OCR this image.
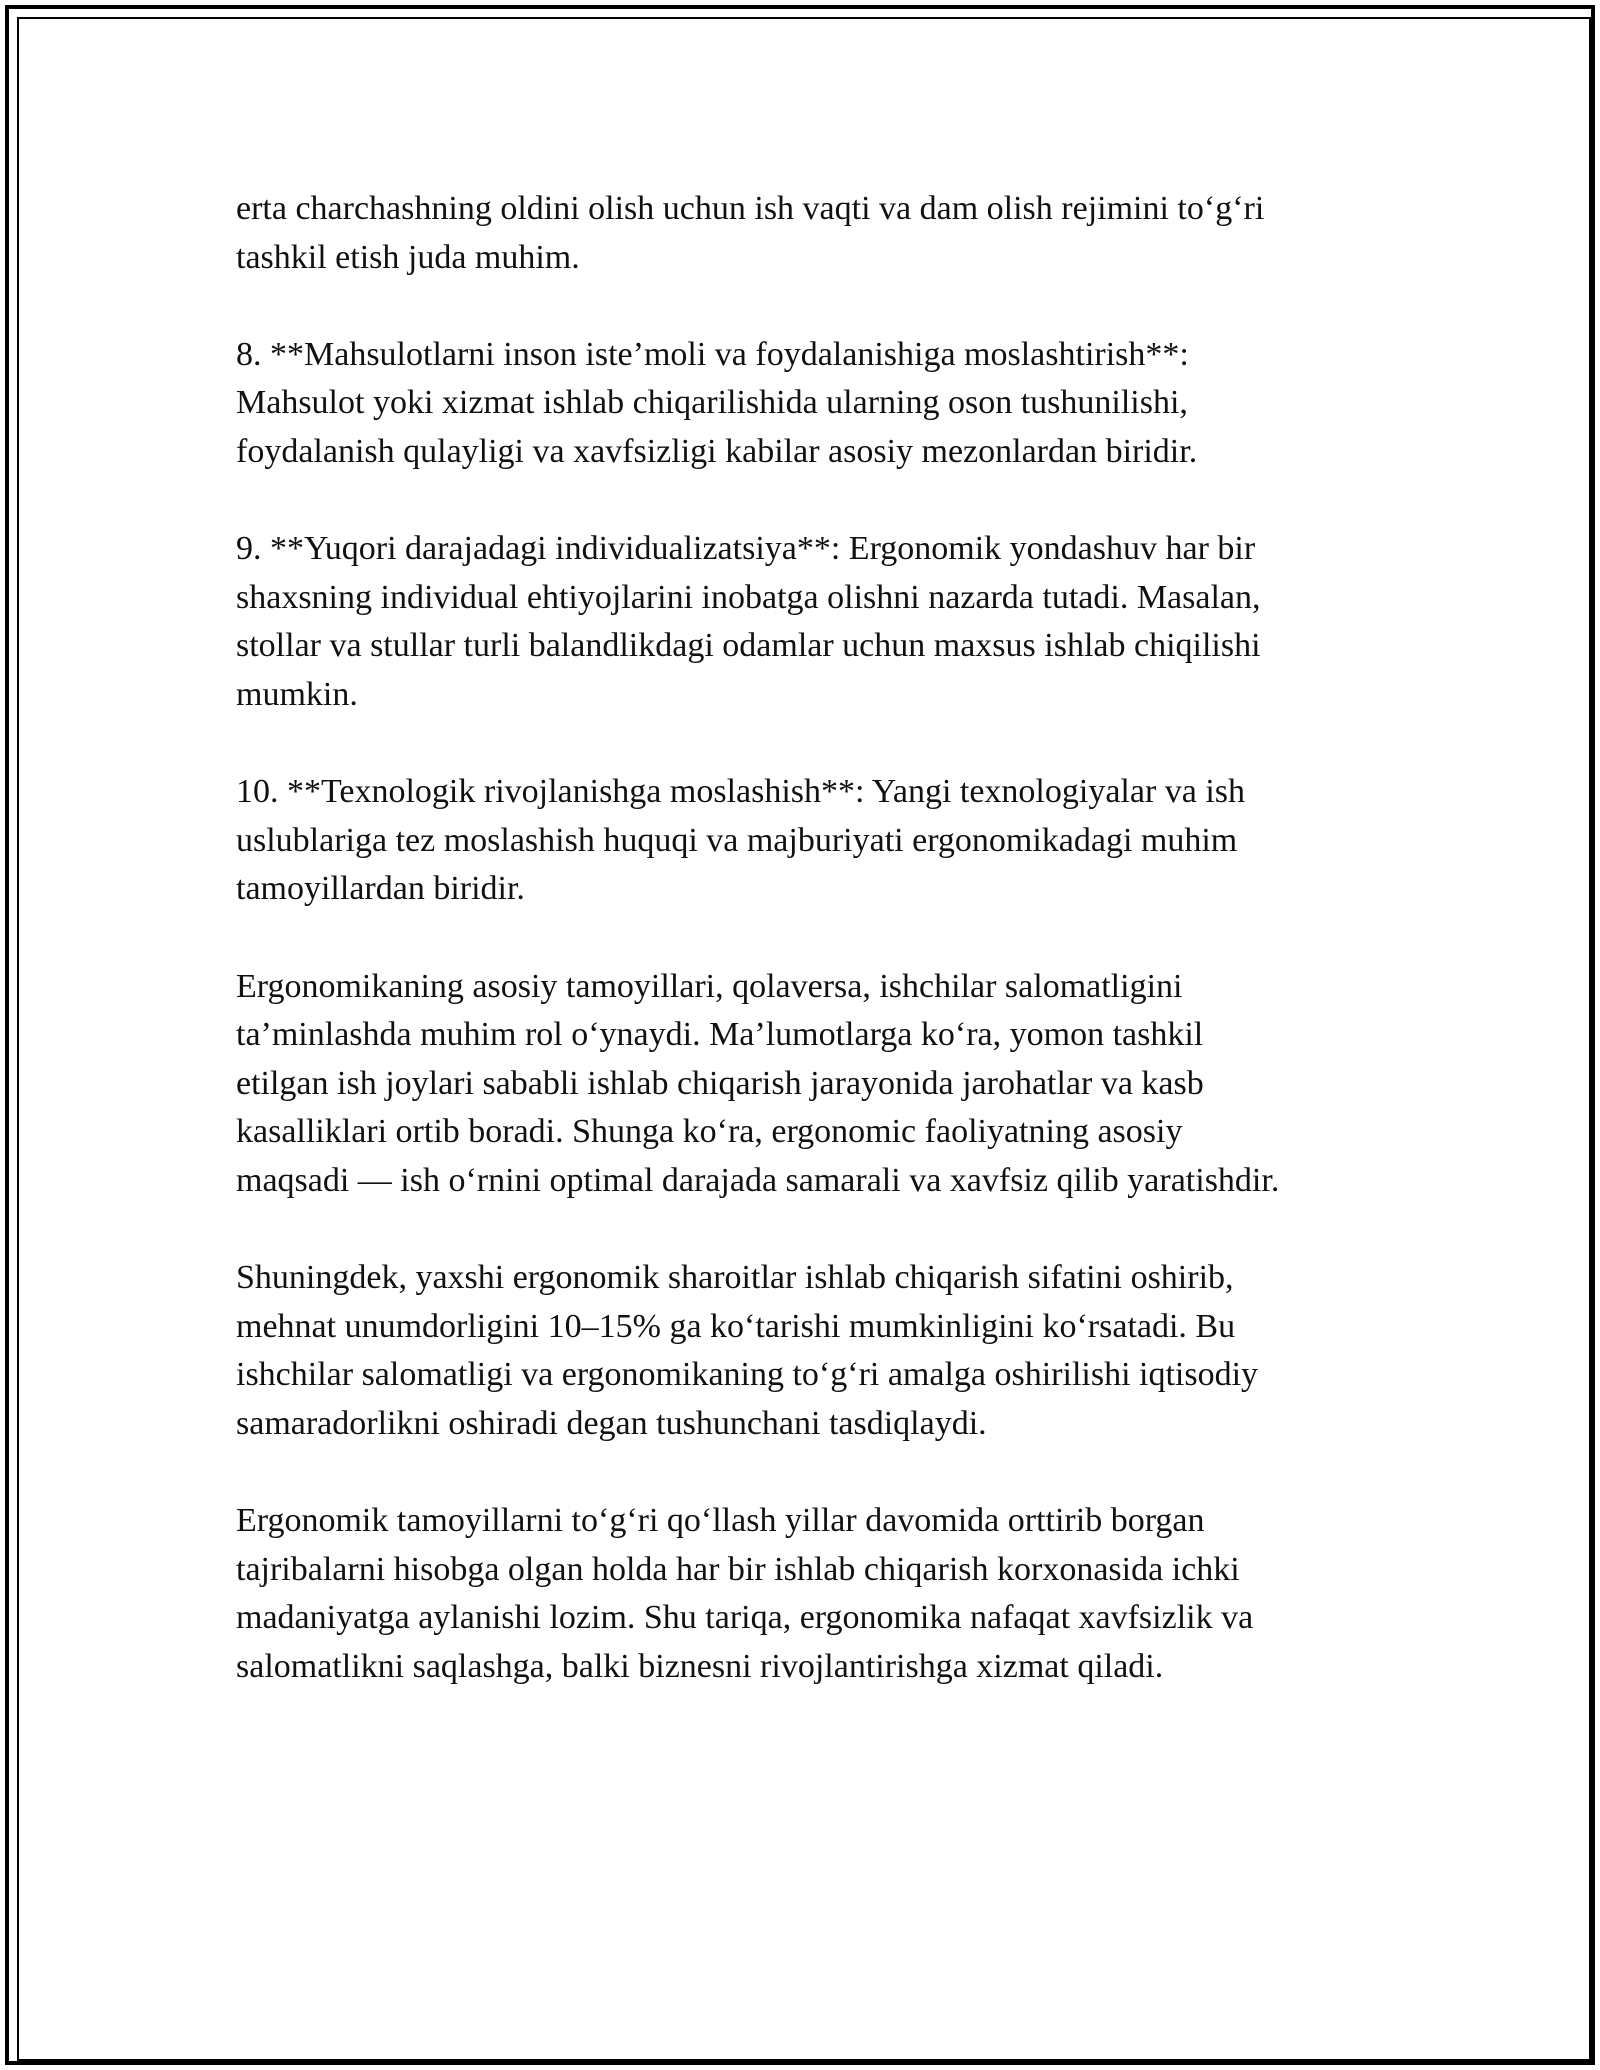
erta charchashning oldini olish uchun ish vaqti va dam olish rejimini to‘g‘ri
tashkil etish juda muhim.

8. **Mahsulotlarni inson iste’moli va foydalanishiga moslashtirish**:
Mahsulot yoki xizmat ishlab chiqarilishida ularning oson tushunilishi,
foydalanish qulayligi va xavfsizligi kabilar asosiy mezonlardan biridir.

9. **Yuqori darajadagi individualizatsiya**: Ergonomik yondashuv har bir
shaxsning individual ehtiyojlarini inobatga olishni nazarda tutadi. Masalan,
stollar va stullar turli balandlikdagi odamlar uchun maxsus ishlab chiqilishi
mumkin.

10. **Texnologik rivojlanishga moslashish**: Yangi texnologiyalar va ish
uslublariga tez moslashish huquqi va majburiyati ergonomikadagi muhim
tamoyillardan biridir.

Ergonomikaning asosiy tamoyillari, qolaversa, ishchilar salomatligini
ta’minlashda muhim rol o‘ynaydi. Ma’lumotlarga ko‘ra, yomon tashkil
etilgan ish joylari sababli ishlab chiqarish jarayonida jarohatlar va kasb
kasalliklari ortib boradi. Shunga ko‘ra, ergonomic faoliyatning asosiy
maqsadi — ish o‘rnini optimal darajada samarali va xavfsiz qilib yaratishdir.

Shuningdek, yaxshi ergonomik sharoitlar ishlab chiqarish sifatini oshirib,
mehnat unumdorligini 10–15% ga ko‘tarishi mumkinligini ko‘rsatadi. Bu
ishchilar salomatligi va ergonomikaning to‘g‘ri amalga oshirilishi iqtisodiy
samaradorlikni oshiradi degan tushunchani tasdiqlaydi.

Ergonomik tamoyillarni to‘g‘ri qo‘llash yillar davomida orttirib borgan
tajribalarni hisobga olgan holda har bir ishlab chiqarish korxonasida ichki
madaniyatga aylanishi lozim. Shu tariqa, ergonomika nafaqat xavfsizlik va
salomatlikni saqlashga, balki biznesni rivojlantirishga xizmat qiladi.
